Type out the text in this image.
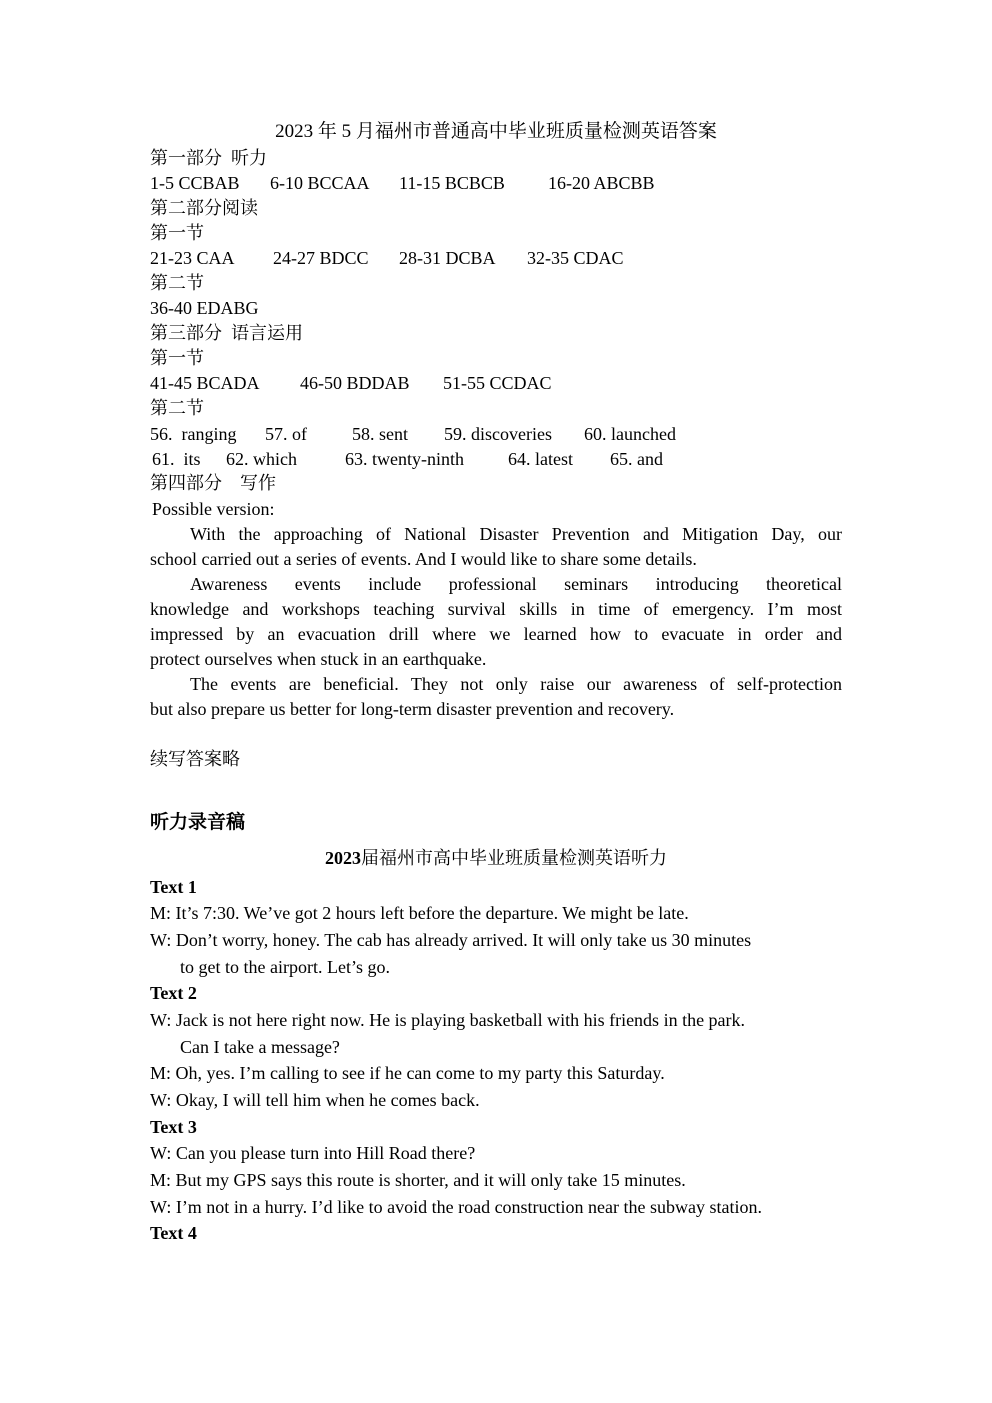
2023 年 5 月福州市普通高中毕业班质量检测英语答案
第一部分  听力
1-5 CCBAB 6-10 BCCAA 11-15 BCBCB 16-20 ABCBB
第二部分阅读
第一节
21-23 CAA 24-27 BDCC 28-31 DCBA 32-35 CDAC
第二节
36-40 EDABG
第三部分  语言运用
第一节
41-45 BCADA 46-50 BDDAB 51-55 CCDAC
第二节
56.  ranging 57. of	58. sent 59. discoveries 60. launched
61.  its 62. which	63. twenty-ninth 64. latest 65. and
第四部分    写作
Possible version:
With the approaching of National Disaster Prevention and Mitigation Day, our
school carried out a series of events. And I would like to share some details.
Awareness events include professional seminars introducing theoretical
knowledge and workshops teaching survival skills in time of emergency. I’m most
impressed by an evacuation drill where we learned how to evacuate in order and
protect ourselves when stuck in an earthquake.
The events are beneficial. They not only raise our awareness of self-protection
but also prepare us better for long-term disaster prevention and recovery.
续写答案略
听力录音稿
2023届福州市高中毕业班质量检测英语听力
Text 1
M: It’s 7:30. We’ve got 2 hours left before the departure. We might be late.
W: Don’t worry, honey. The cab has already arrived. It will only take us 30 minutes
to get to the airport. Let’s go.
Text 2
W: Jack is not here right now. He is playing basketball with his friends in the park.
Can I take a message?
M: Oh, yes. I’m calling to see if he can come to my party this Saturday.
W: Okay, I will tell him when he comes back.
Text 3
W: Can you please turn into Hill Road there?
M: But my GPS says this route is shorter, and it will only take 15 minutes.
W: I’m not in a hurry. I’d like to avoid the road construction near the subway station.
Text 4
